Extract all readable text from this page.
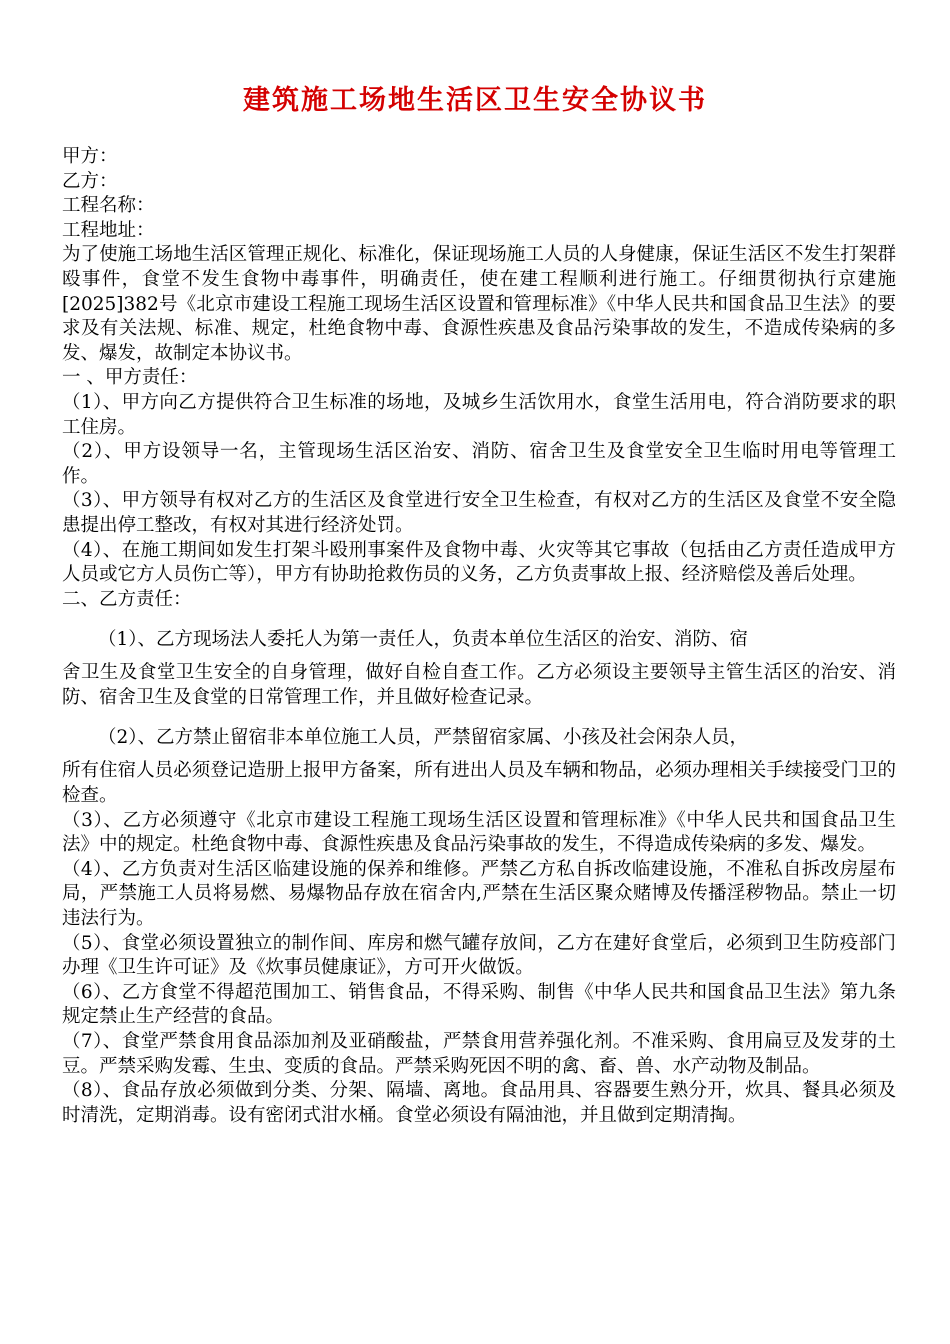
建筑施工场地生活区卫生安全协议书

甲方：

乙方：

工程名称：

工程地址：

为了使施工场地生活区管理正规化、标准化，保证现场施工人员的人身健康，保证生活区不发生打架群殴事件，食堂不发生食物中毒事件，明确责任，使在建工程顺利进行施工。仔细贯彻执行京建施[2025]382号《北京市建设工程施工现场生活区设置和管理标准》《中华人民共和国食品卫生法》的要求及有关法规、标准、规定，杜绝食物中毒、食源性疾患及食品污染事故的发生，不造成传染病的多发、爆发，故制定本协议书。

一 、甲方责任：

（1）、甲方向乙方提供符合卫生标准的场地，及城乡生活饮用水，食堂生活用电，符合消防要求的职工住房。

（2）、甲方设领导一名，主管现场生活区治安、消防、宿舍卫生及食堂安全卫生临时用电等管理工作。

（3）、甲方领导有权对乙方的生活区及食堂进行安全卫生检查，有权对乙方的生活区及食堂不安全隐患提出停工整改，有权对其进行经济处罚。

（4）、在施工期间如发生打架斗殴刑事案件及食物中毒、火灾等其它事故（包括由乙方责任造成甲方人员或它方人员伤亡等），甲方有协助抢救伤员的义务，乙方负责事故上报、经济赔偿及善后处理。

二、乙方责任：

（1）、乙方现场法人委托人为第一责任人，负责本单位生活区的治安、消防、宿

舍卫生及食堂卫生安全的自身管理，做好自检自查工作。乙方必须设主要领导主管生活区的治安、消防、宿舍卫生及食堂的日常管理工作，并且做好检查记录。

（2）、乙方禁止留宿非本单位施工人员，严禁留宿家属、小孩及社会闲杂人员，

所有住宿人员必须登记造册上报甲方备案，所有进出人员及车辆和物品，必须办理相关手续接受门卫的检查。

（3）、乙方必须遵守《北京市建设工程施工现场生活区设置和管理标准》《中华人民共和国食品卫生法》中的规定。杜绝食物中毒、食源性疾患及食品污染事故的发生，不得造成传染病的多发、爆发。

（4）、乙方负责对生活区临建设施的保养和维修。严禁乙方私自拆改临建设施，不准私自拆改房屋布局，严禁施工人员将易燃、易爆物品存放在宿舍内,严禁在生活区聚众赌博及传播淫秽物品。禁止一切违法行为。

（5）、食堂必须设置独立的制作间、库房和燃气罐存放间，乙方在建好食堂后，必须到卫生防疫部门办理《卫生许可证》及《炊事员健康证》，方可开火做饭。

（6）、乙方食堂不得超范围加工、销售食品，不得采购、制售《中华人民共和国食品卫生法》第九条规定禁止生产经营的食品。

（7）、食堂严禁食用食品添加剂及亚硝酸盐，严禁食用营养强化剂。不准采购、食用扁豆及发芽的土豆。严禁采购发霉、生虫、变质的食品。严禁采购死因不明的禽、畜、兽、水产动物及制品。

（8）、食品存放必须做到分类、分架、隔墙、离地。食品用具、容器要生熟分开，炊具、餐具必须及时清洗，定期消毒。设有密闭式泔水桶。食堂必须设有隔油池，并且做到定期清掏。
